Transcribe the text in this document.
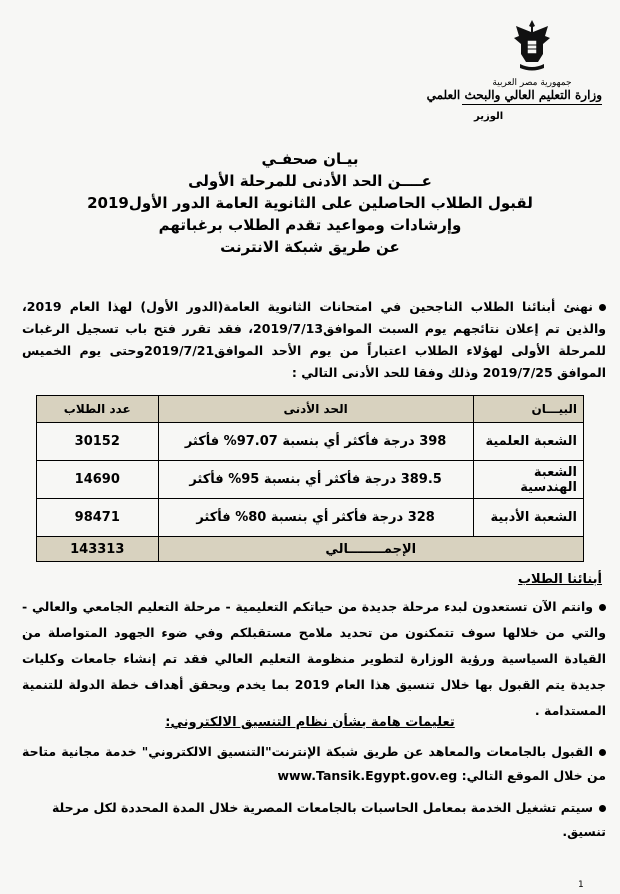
جمهورية مصر العربية
وزارة التعليم العالي والبحث العلمي
الوزير
بيـان صحفـي
عــــن الحد الأدنى للمرحلة الأولى
لقبول الطلاب الحاصلين على الثانوية العامة الدور الأول2019
وإرشادات ومواعيد تقدم الطلاب برغباتهم
عن طريق شبكة الانترنت
نهنئ أبنائنا الطلاب الناجحين في امتحانات الثانوية العامة(الدور الأول) لهذا العام 2019، والذين تم إعلان نتائجهم يوم السبت الموافق2019/7/13، فقد تقرر فتح باب تسجيل الرغبات للمرحلة الأولى لهؤلاء الطلاب اعتباراً من يوم الأحد الموافق2019/7/21وحتى يوم الخميس الموافق 2019/7/25 وذلك وفقا للحد الأدنى التالي :
البيـــان	الحد الأدنى	عدد الطلاب
الشعبة العلمية	398 درجة فأكثر أي بنسبة 97.07% فأكثر	30152
الشعبة الهندسية	389.5 درجة فأكثر أي بنسبة 95% فأكثر	14690
الشعبة الأدبية	328 درجة فأكثر أي بنسبة 80% فأكثر	98471
الإجمــــــــالي		143313
أبنائنا الطلاب
وانتم الآن تستعدون لبدء مرحلة جديدة من حياتكم التعليمية - مرحلة التعليم الجامعي والعالي - والتي من خلالها سوف تتمكنون من تحديد ملامح مستقبلكم وفي ضوء الجهود المتواصلة من القيادة السياسية ورؤية الوزارة لتطوير منظومة التعليم العالي فقد تم إنشاء جامعات وكليات جديدة يتم القبول بها خلال تنسيق هذا العام 2019 بما يخدم ويحقق أهداف خطة الدولة للتنمية المستدامة .
تعليمات هامة بشأن نظام التنسيق الالكتروني:
القبول بالجامعات والمعاهد عن طريق شبكة الإنترنت"التنسيق الالكتروني" خدمة مجانية متاحة من خلال الموقع التالي: www.Tansik.Egypt.gov.eg
سيتم تشغيل الخدمة بمعامل الحاسبات بالجامعات المصرية خلال المدة المحددة لكل مرحلة تنسيق.
1
